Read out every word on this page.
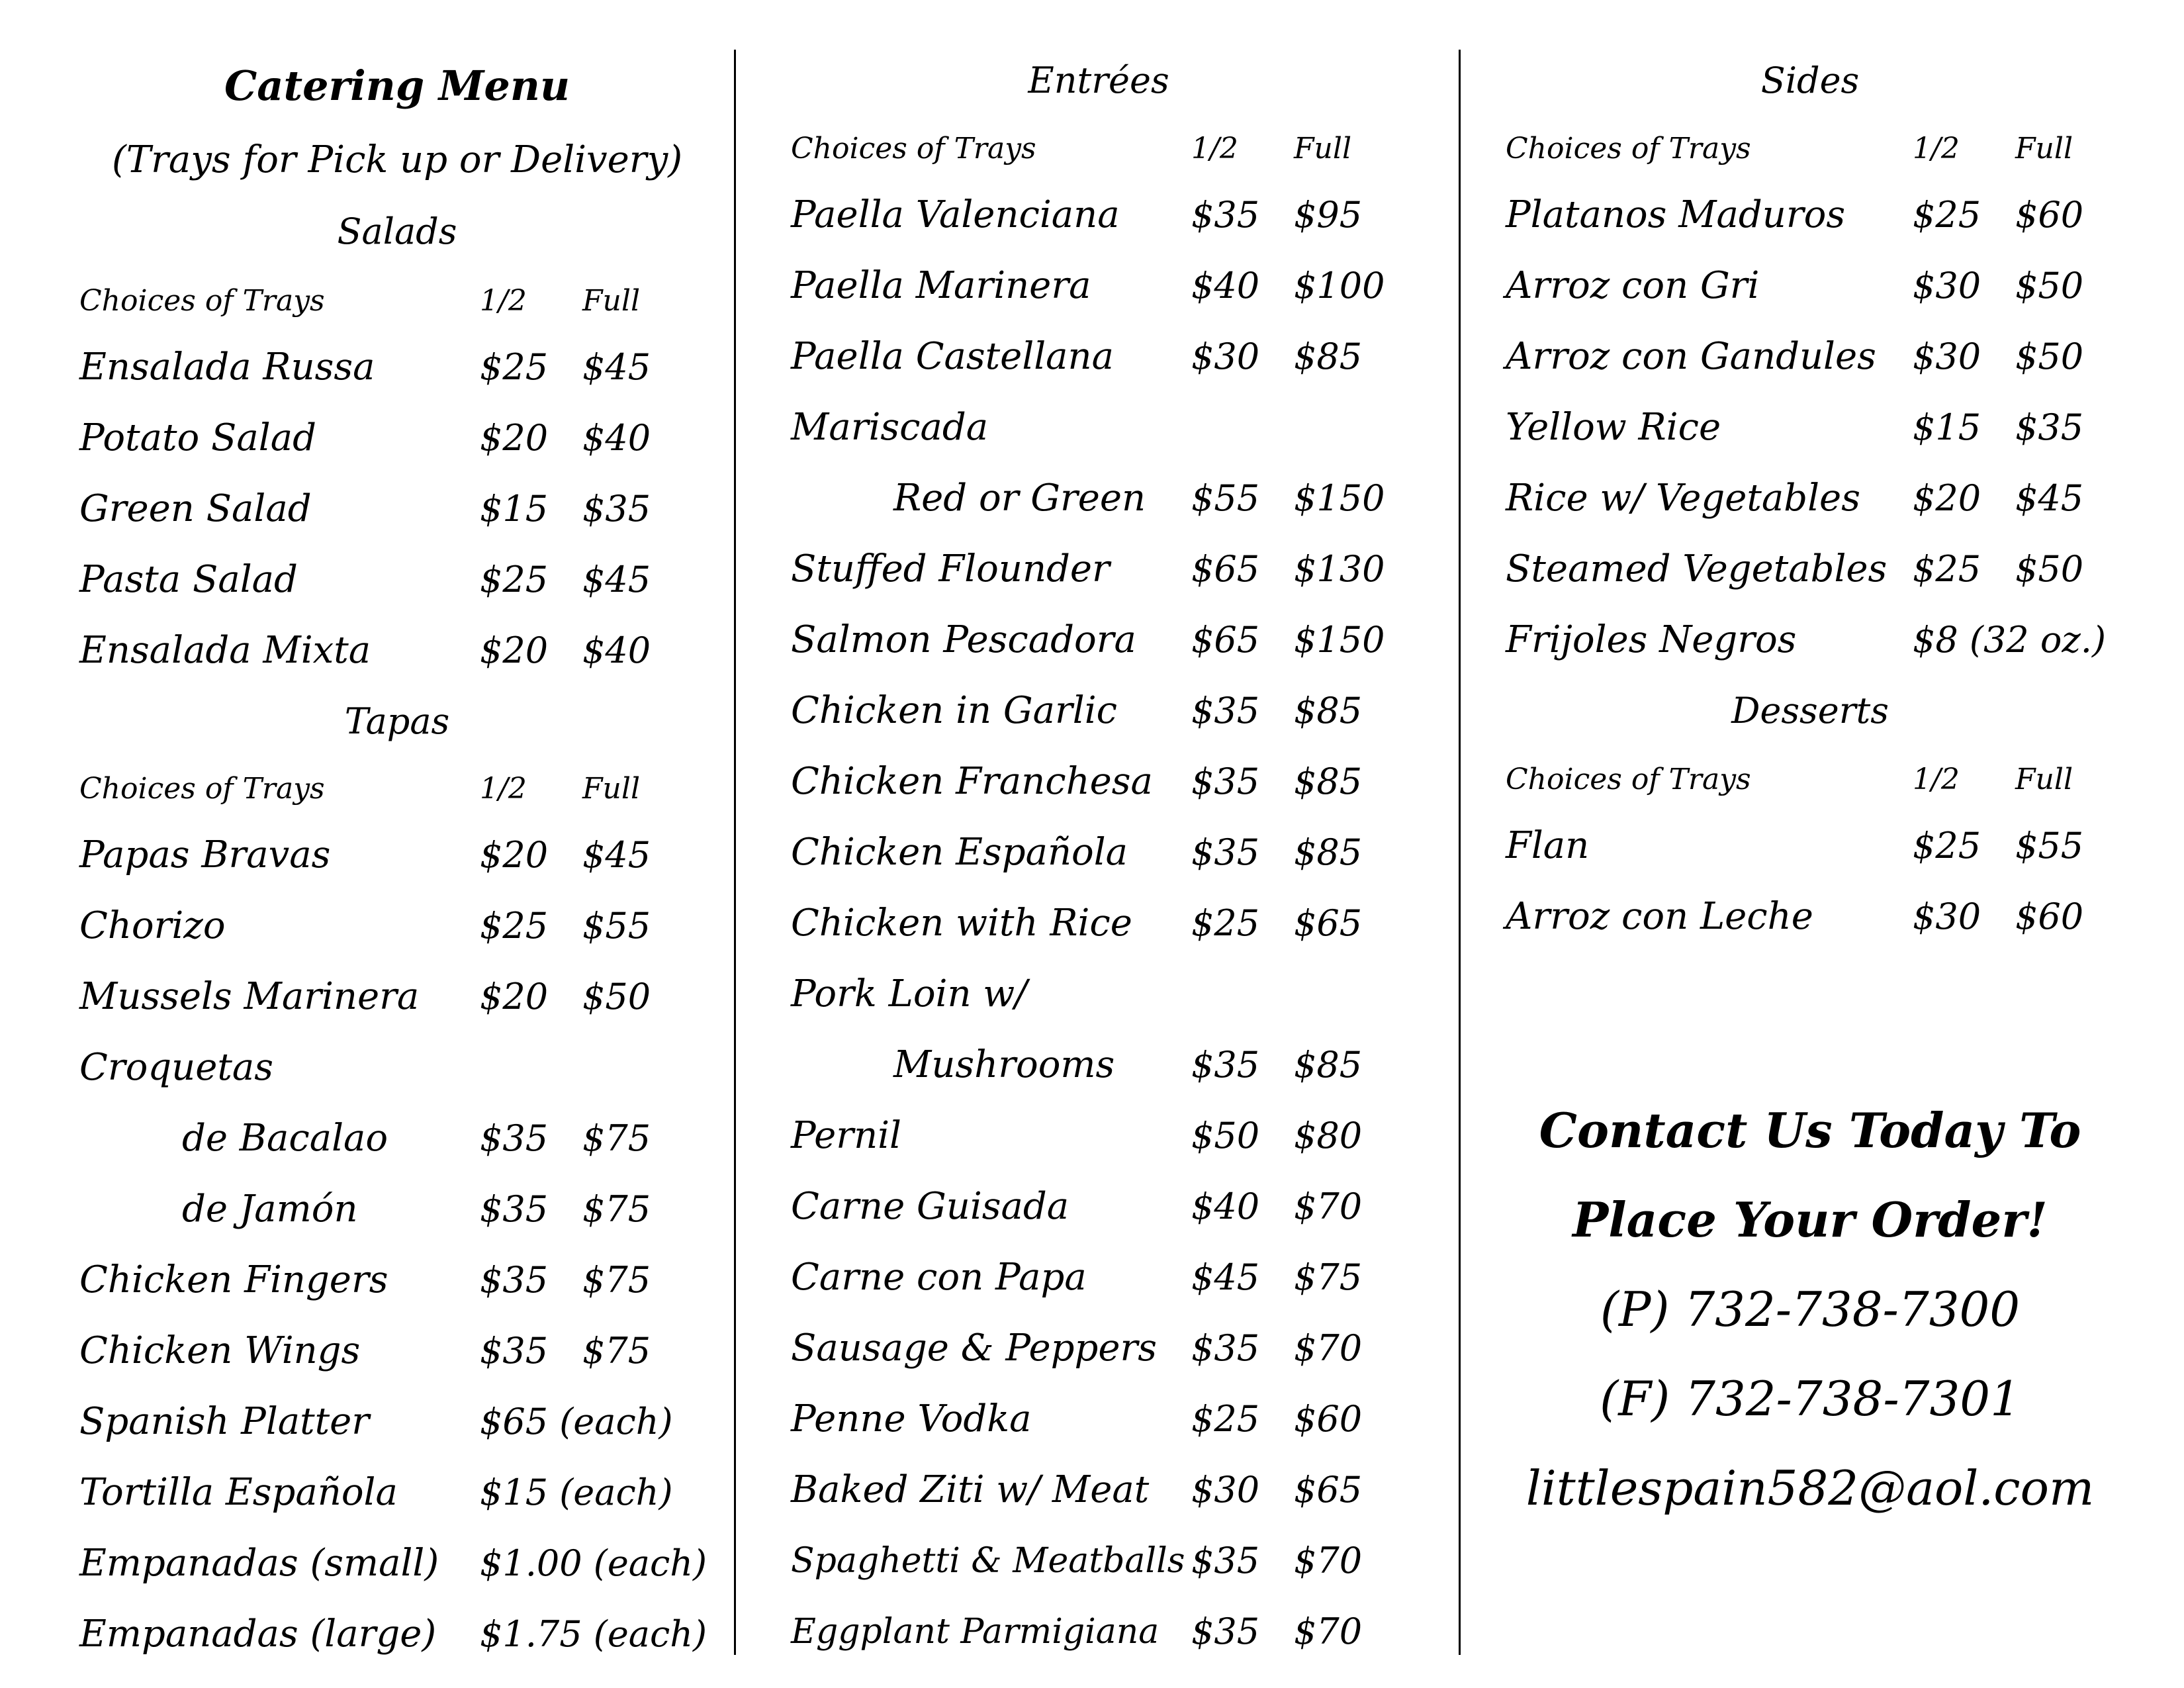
Catering Menu
(Trays for Pick up or Delivery)
Salads
Choices of Trays	1/2 Full
Ensalada Russa	$25 $45
Potato Salad	$20 $40
Green Salad	$15 $35
Pasta Salad	$25 $45
Ensalada Mixta	$20 $40
Tapas
Choices of Trays	1/2 Full
Papas Bravas	$20 $45
Chorizo	$25 $55
Mussels Marinera $20 $50
Croquetas
de Bacalao	$35 $75
de Jamón	$35 $75
Chicken Fingers	$35 $75
Chicken Wings	$35 $75
Spanish Platter	$65 (each)
Tortilla Española $15 (each)
Empanadas (small) $1.00 (each)
Empanadas (large) $1.75 (each)
Entrées
Choices of Trays	1/2 Full
Paella Valenciana $35 $95
Paella Marinera	$40 $100
Paella Castellana $30 $85
Mariscada
Red or Green $55 $150
Stuffed Flounder $65 $130
Salmon Pescadora $65 $150
Chicken in Garlic $35 $85
Chicken Franchesa $35 $85
Chicken Española $35 $85
Chicken with Rice $25 $65
Pork Loin w/
Mushrooms $35 $85
Pernil	$50 $80
Carne Guisada	$40 $70
Carne con Papa	$45 $75
Sausage & Peppers $35 $70
Penne Vodka	$25 $60
Baked Ziti w/ Meat $30 $65
Spaghetti & Meatballs $35 $70
Eggplant Parmigiana $35 $70
Sides
Choices of Trays	1/2 Full
Platanos Maduros $25 $60
Arroz con Gri	$30 $50
Arroz con Gandules $30 $50
Yellow Rice	$15 $35
Rice w/ Vegetables $20 $45
Steamed Vegetables $25 $50
Frijoles Negros	$8 (32 oz.)
Desserts
Choices of Trays	1/2 Full
Flan	$25 $55
Arroz con Leche	$30 $60
Contact Us Today To
Place Your Order!
(P) 732-738-7300
(F) 732-738-7301
littlespain582@aol.com
